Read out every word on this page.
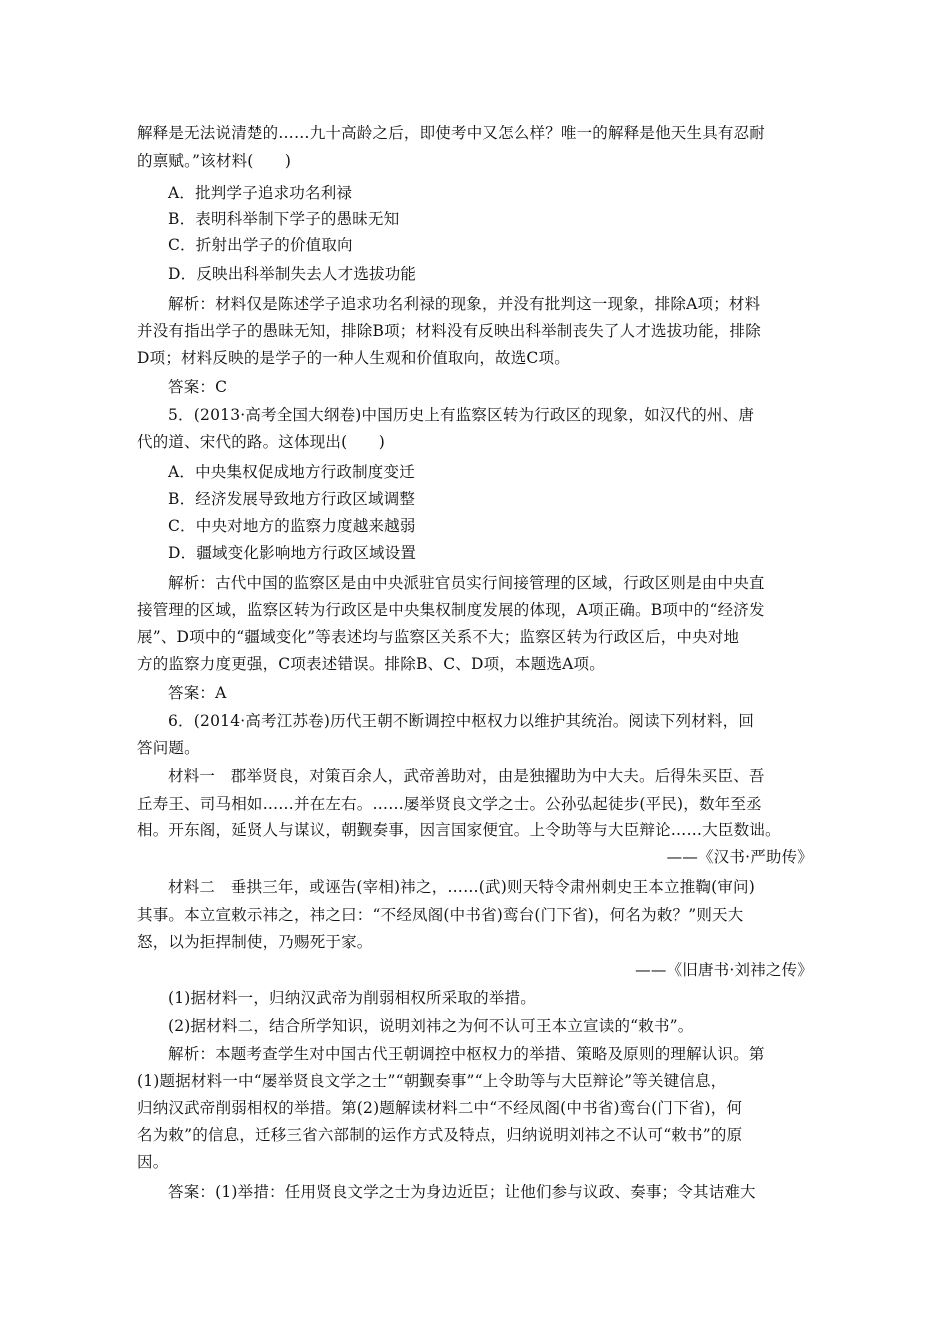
解释是无法说清楚的……九十高龄之后，即使考中又怎么样？唯一的解释是他天生具有忍耐
的禀赋。”该材料(　　)
A．批判学子追求功名利禄
B．表明科举制下学子的愚昧无知
C．折射出学子的价值取向
D．反映出科举制失去人才选拔功能
解析：材料仅是陈述学子追求功名利禄的现象，并没有批判这一现象，排除A项；材料
并没有指出学子的愚昧无知，排除B项；材料没有反映出科举制丧失了人才选拔功能，排除
D项；材料反映的是学子的一种人生观和价值取向，故选C项。
答案：C
5．(2013·高考全国大纲卷)中国历史上有监察区转为行政区的现象，如汉代的州、唐
代的道、宋代的路。这体现出(　　)
A．中央集权促成地方行政制度变迁
B．经济发展导致地方行政区域调整
C．中央对地方的监察力度越来越弱
D．疆域变化影响地方行政区域设置
解析：古代中国的监察区是由中央派驻官员实行间接管理的区域，行政区则是由中央直
接管理的区域，监察区转为行政区是中央集权制度发展的体现，A项正确。B项中的“经济发
展”、D项中的“疆域变化”等表述均与监察区关系不大；监察区转为行政区后，中央对地
方的监察力度更强，C项表述错误。排除B、C、D项，本题选A项。
答案：A
6．(2014·高考江苏卷)历代王朝不断调控中枢权力以维护其统治。阅读下列材料，回
答问题。
材料一　郡举贤良，对策百余人，武帝善助对，由是独擢助为中大夫。后得朱买臣、吾
丘寿王、司马相如……并在左右。……屡举贤良文学之士。公孙弘起徒步(平民)，数年至丞
相。开东阁，延贤人与谋议，朝觐奏事，因言国家便宜。上令助等与大臣辩论……大臣数诎。
——《汉书·严助传》
材料二　垂拱三年，或诬告(宰相)祎之，……(武)则天特令肃州刺史王本立推鞫(审问)
其事。本立宣敕示祎之，祎之曰：“不经凤阁(中书省)鸾台(门下省)，何名为敕？”则天大
怒，以为拒捍制使，乃赐死于家。
——《旧唐书·刘祎之传》
(1)据材料一，归纳汉武帝为削弱相权所采取的举措。
(2)据材料二，结合所学知识，说明刘祎之为何不认可王本立宣读的“敕书”。
解析：本题考查学生对中国古代王朝调控中枢权力的举措、策略及原则的理解认识。第
(1)题据材料一中“屡举贤良文学之士”“朝觐奏事”“上令助等与大臣辩论”等关键信息，
归纳汉武帝削弱相权的举措。第(2)题解读材料二中“不经凤阁(中书省)鸾台(门下省)，何
名为敕”的信息，迁移三省六部制的运作方式及特点，归纳说明刘祎之不认可“敕书”的原
因。
答案：(1)举措：任用贤良文学之士为身边近臣；让他们参与议政、奏事；令其诘难大
